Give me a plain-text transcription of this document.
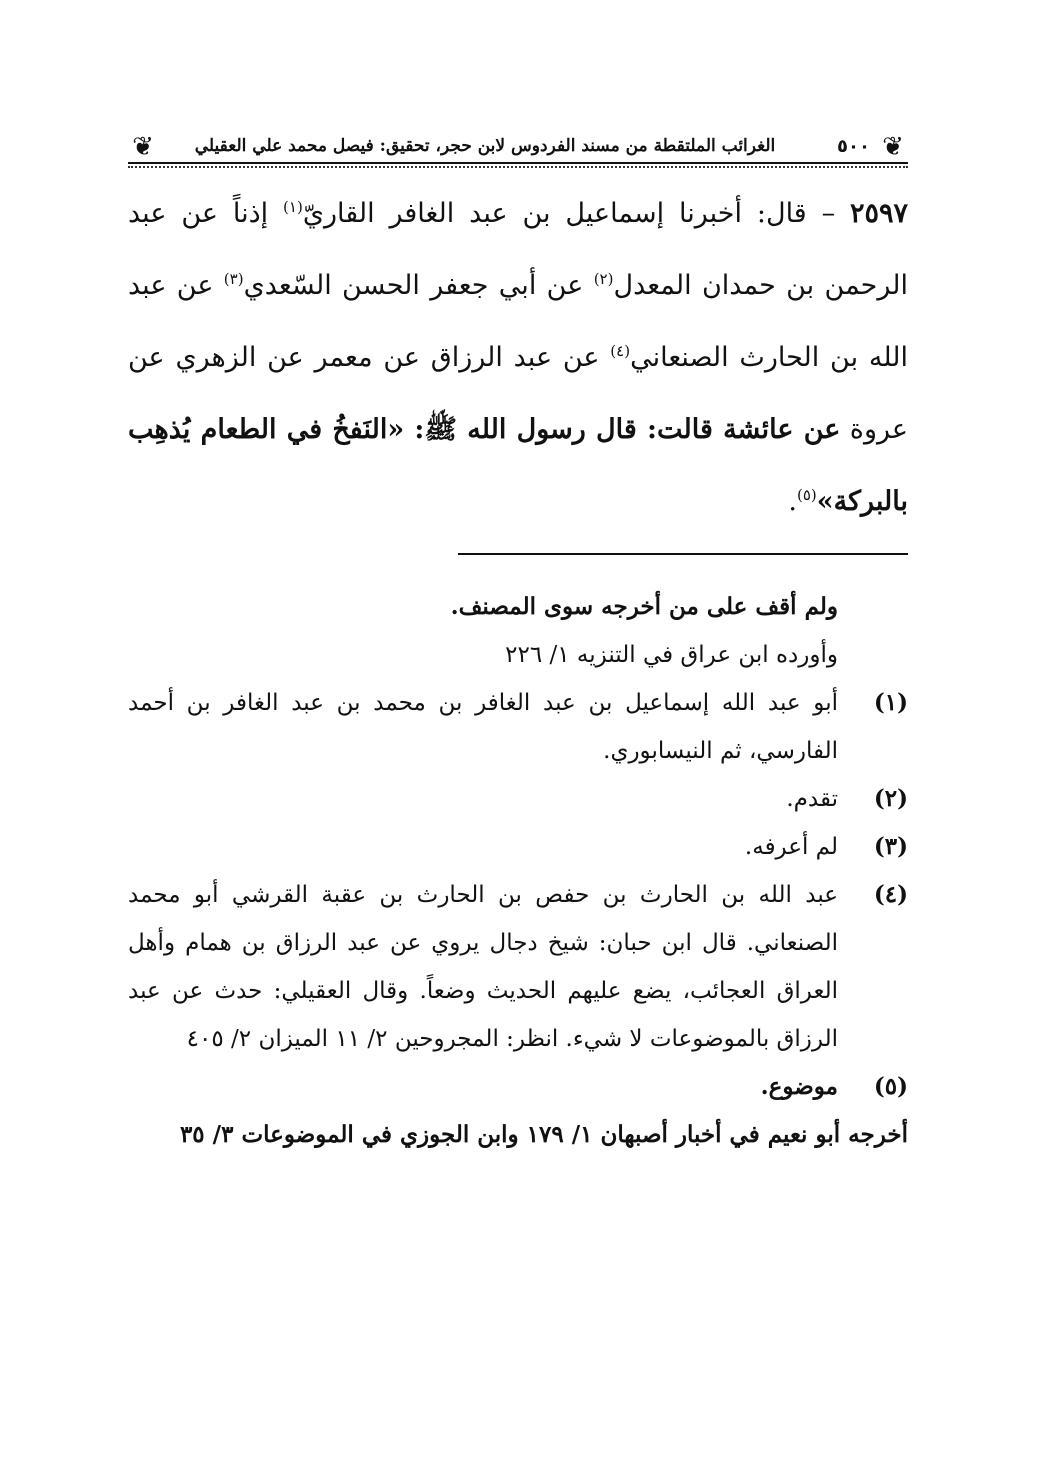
❦
٥٠٠
الغرائب الملتقطة من مسند الفردوس لابن حجر، تحقيق: فيصل محمد علي العقيلي
❦
٢٥٩٧ – قال: أخبرنا إسماعيل بن عبد الغافر القاريّ$^{(١)}$ إذناً عن عبد الرحمن بن حمدان المعدل$^{(٢)}$ عن أبي جعفر الحسن السّعدي$^{(٣)}$ عن عبد الله بن الحارث الصنعاني$^{(٤)}$ عن عبد الرزاق عن معمر عن الزهري عن عروة عن عائشة قالت: قال رسول الله ﷺ: «النَفخُ في الطعام يُذهِب بالبركة»$^{(٥)}$.
ولم أقف على من أخرجه سوى المصنف.
وأورده ابن عراق في التنزيه ١/ ٢٢٦
(١)
أبو عبد الله إسماعيل بن عبد الغافر بن محمد بن عبد الغافر بن أحمد الفارسي، ثم النيسابوري.
(٢)
تقدم.
(٣)
لم أعرفه.
(٤)
عبد الله بن الحارث بن حفص بن الحارث بن عقبة القرشي أبو محمد الصنعاني. قال ابن حبان: شيخ دجال يروي عن عبد الرزاق بن همام وأهل العراق العجائب، يضع عليهم الحديث وضعاً. وقال العقيلي: حدث عن عبد الرزاق بالموضوعات لا شيء. انظر: المجروحين ٢/ ١١ الميزان ٢/ ٤٠٥
(٥)
موضوع.
أخرجه أبو نعيم في أخبار أصبهان ١/ ١٧٩ وابن الجوزي في الموضوعات ٣/ ٣٥
